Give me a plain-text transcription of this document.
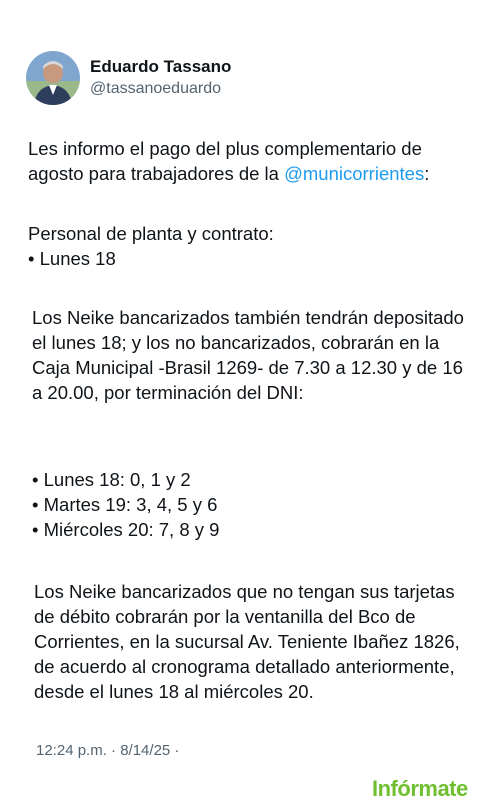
Eduardo Tassano
@tassanoeduardo

Les informo el pago del plus complementario de agosto para trabajadores de la @municorrientes:

Personal de planta y contrato:
• Lunes 18

Los Neike bancarizados también tendrán depositado el lunes 18; y los no bancarizados, cobrarán en la Caja Municipal -Brasil 1269- de 7.30 a 12.30 y de 16 a 20.00, por terminación del DNI:

• Lunes 18: 0, 1 y 2
• Martes 19: 3, 4, 5 y 6
• Miércoles 20: 7, 8 y 9

Los Neike bancarizados que no tengan sus tarjetas de débito cobrarán por la ventanilla del Bco de Corrientes, en la sucursal Av. Teniente Ibañez 1826, de acuerdo al cronograma detallado anteriormente, desde el lunes 18 al miércoles 20.

12:24 p.m. · 8/14/25 ·
Infórmate
